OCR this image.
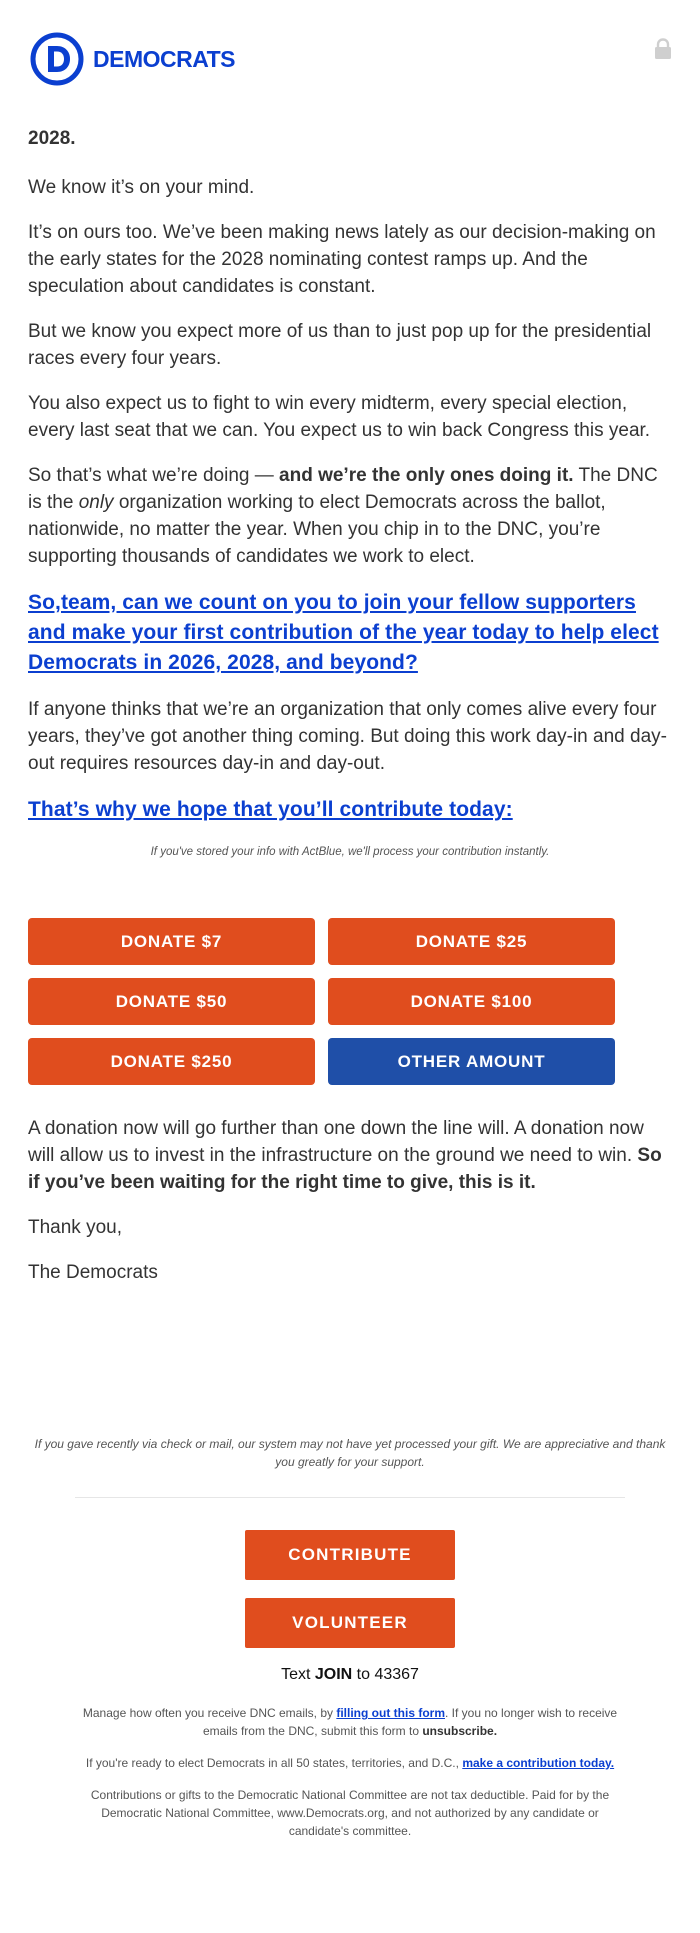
DEMOCRATS

2028.

We know it’s on your mind.

It’s on ours too. We’ve been making news lately as our decision-making on the early states for the 2028 nominating contest ramps up. And the speculation about candidates is constant.

But we know you expect more of us than to just pop up for the presidential races every four years.

You also expect us to fight to win every midterm, every special election, every last seat that we can. You expect us to win back Congress this year.

So that’s what we’re doing — and we’re the only ones doing it. The DNC is the only organization working to elect Democrats across the ballot, nationwide, no matter the year. When you chip in to the DNC, you’re supporting thousands of candidates we work to elect.

So,team, can we count on you to join your fellow supporters and make your first contribution of the year today to help elect Democrats in 2026, 2028, and beyond?

If anyone thinks that we’re an organization that only comes alive every four years, they’ve got another thing coming. But doing this work day-in and day-out requires resources day-in and day-out.

That’s why we hope that you’ll contribute today:
If you've stored your info with ActBlue, we'll process your contribution instantly.
DONATE $7	DONATE $25
DONATE $50	DONATE $100
DONATE $250	OTHER AMOUNT

A donation now will go further than one down the line will. A donation now will allow us to invest in the infrastructure on the ground we need to win. So if you’ve been waiting for the right time to give, this is it.

Thank you,

The Democrats

If you gave recently via check or mail, our system may not have yet processed your gift. We are appreciative and thank you greatly for your support.
CONTRIBUTE
VOLUNTEER
Text JOIN to 43367
Manage how often you receive DNC emails, by filling out this form. If you no longer wish to receive emails from the DNC, submit this form to unsubscribe.
If you're ready to elect Democrats in all 50 states, territories, and D.C., make a contribution today.
Contributions or gifts to the Democratic National Committee are not tax deductible. Paid for by the Democratic National Committee, www.Democrats.org, and not authorized by any candidate or candidate's committee.
